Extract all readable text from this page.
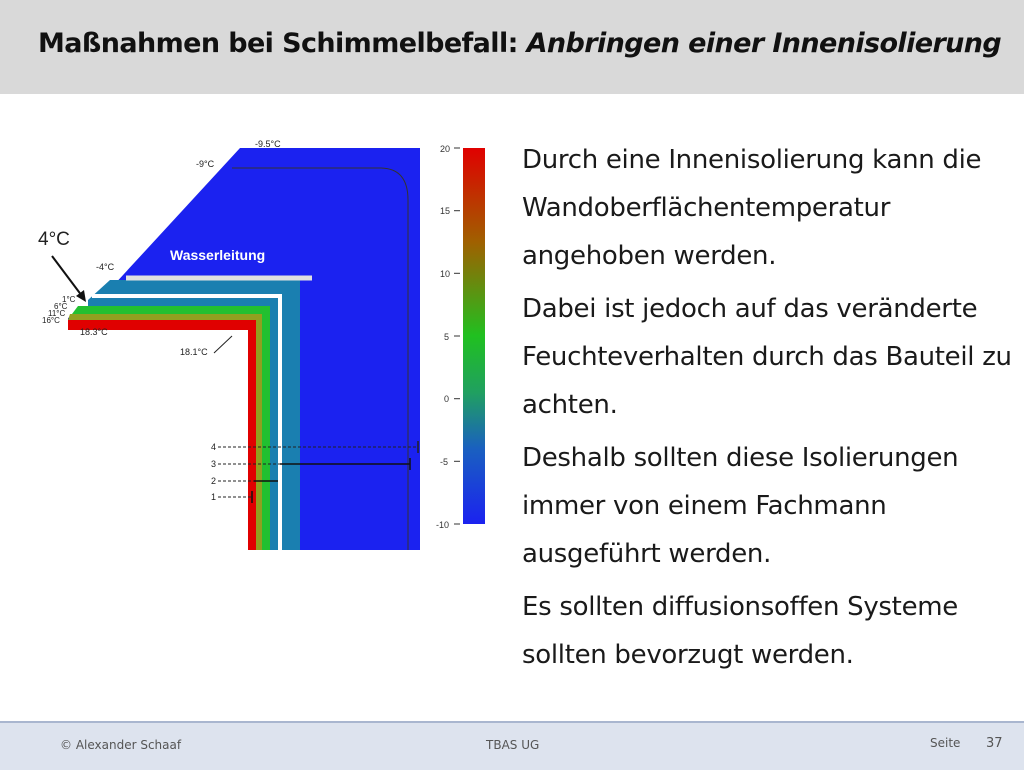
Maßnahmen bei Schimmelbefall: Anbringen einer Innenisolierung
-9.5°C
-9°C
-4°C
1°C
6°C
11°C
16°C
18.3°C
18.1°C
Wasserleitung
4°C
4
3
2
1
20
15
10
5
0
-5
-10

Durch eine Innenisolierung kann die Wandoberflächentemperatur angehoben werden.

Dabei ist jedoch auf das veränderte Feuchteverhalten durch das Bauteil zu achten.

Deshalb sollten diese Isolierungen immer von einem Fachmann ausgeführt werden.

Es sollten diffusionsoffen Systeme sollten bevorzugt werden.

© Alexander Schaaf	TBAS UG	Seite 37
